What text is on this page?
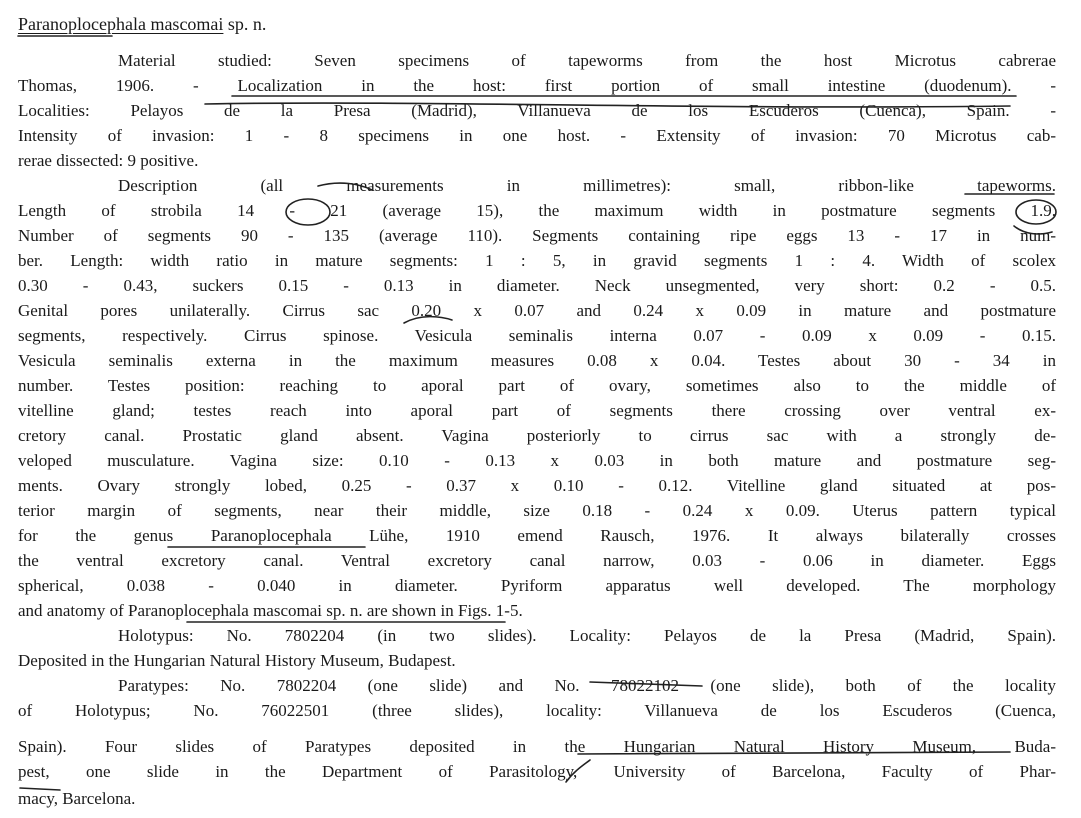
Paranoplocephala mascomai sp. n.
Material studied: Seven specimens of tapeworms from the host Microtus cabrerae
Thomas, 1906. - Localization in the host: first portion of small intestine (duodenum). -
Localities: Pelayos de la Presa (Madrid), Villanueva de los Escuderos (Cuenca), Spain. -
Intensity of invasion: 1 - 8 specimens in one host. - Extensity of invasion: 70 Microtus cab-
rerae dissected: 9 positive.
Description (all measurements in millimetres): small, ribbon-like tapeworms.
Length of strobila 14 - 21 (average 15), the maximum width in postmature segments 1.9.
Number of segments 90 - 135 (average 110). Segments containing ripe eggs 13 - 17 in num-
ber. Length: width ratio in mature segments: 1 : 5, in gravid segments 1 : 4. Width of scolex
0.30 - 0.43, suckers 0.15 - 0.13 in diameter. Neck unsegmented, very short: 0.2 - 0.5.
Genital pores unilaterally. Cirrus sac 0.20 x 0.07 and 0.24 x 0.09 in mature and postmature
segments, respectively. Cirrus spinose. Vesicula seminalis interna 0.07 - 0.09 x 0.09 - 0.15.
Vesicula seminalis externa in the maximum measures 0.08 x 0.04. Testes about 30 - 34 in
number. Testes position: reaching to aporal part of ovary, sometimes also to the middle of
vitelline gland; testes reach into aporal part of segments there crossing over ventral ex-
cretory canal. Prostatic gland absent. Vagina posteriorly to cirrus sac with a strongly de-
veloped musculature. Vagina size: 0.10 - 0.13 x 0.03 in both mature and postmature seg-
ments. Ovary strongly lobed, 0.25 - 0.37 x 0.10 - 0.12. Vitelline gland situated at pos-
terior margin of segments, near their middle, size 0.18 - 0.24 x 0.09. Uterus pattern typical
for the genus Paranoplocephala Lühe, 1910 emend Rausch, 1976. It always bilaterally crosses
the ventral excretory canal. Ventral excretory canal narrow, 0.03 - 0.06 in diameter. Eggs
spherical, 0.038 - 0.040 in diameter. Pyriform apparatus well developed. The morphology
and anatomy of Paranoplocephala mascomai sp. n. are shown in Figs. 1-5.
Holotypus: No. 7802204 (in two slides). Locality: Pelayos de la Presa (Madrid, Spain).
Deposited in the Hungarian Natural History Museum, Budapest.
Paratypes: No. 7802204 (one slide) and No. 78022102 (one slide), both of the locality
of Holotypus; No. 76022501 (three slides), locality: Villanueva de los Escuderos (Cuenca,
Spain). Four slides of Paratypes deposited in the Hungarian Natural History Museum, Buda-
pest, one slide in the Department of Parasitology, University of Barcelona, Faculty of Phar-
macy, Barcelona.
